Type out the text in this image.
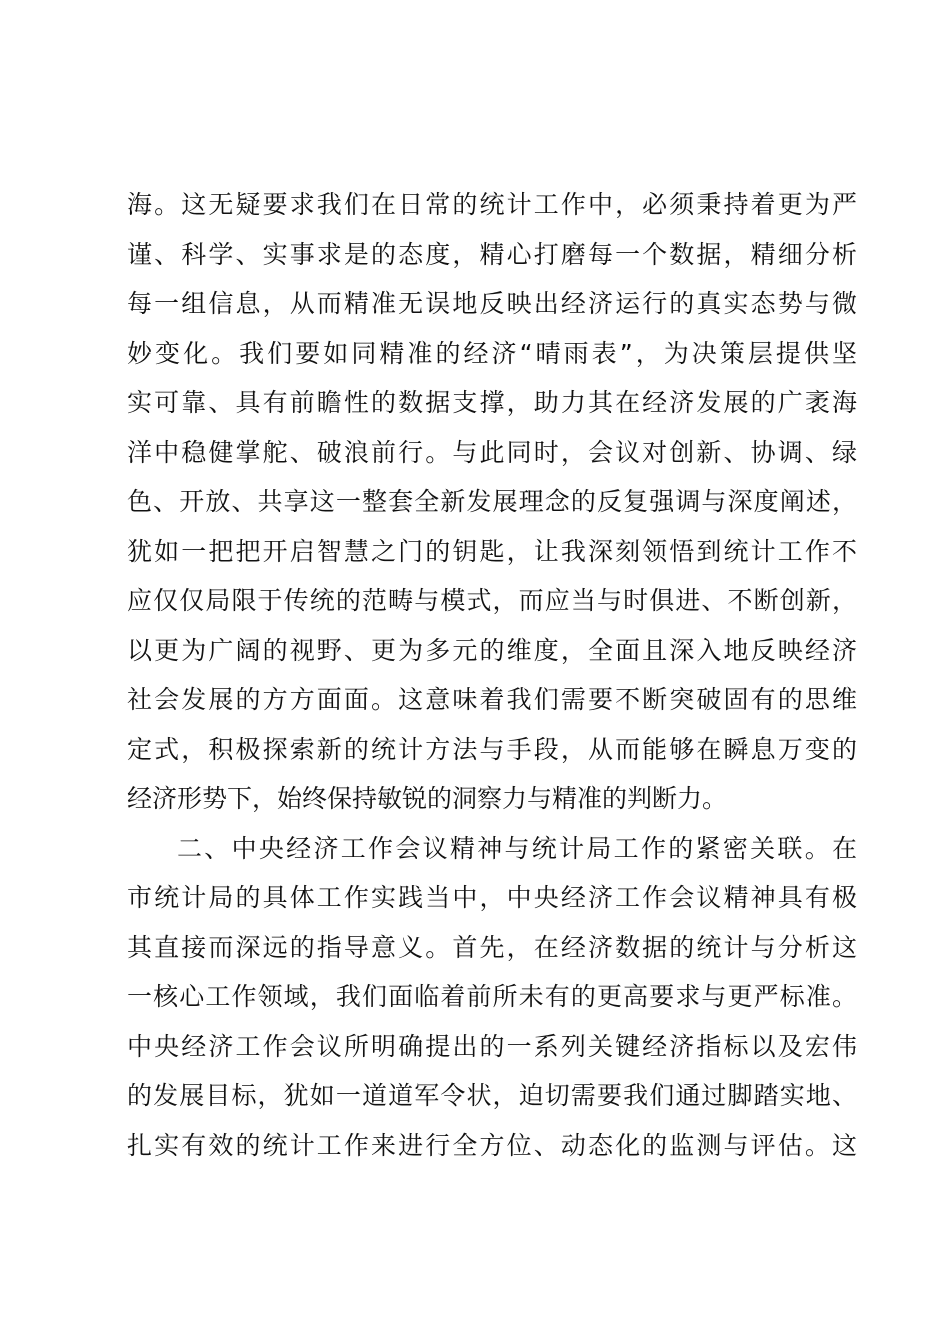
海。这无疑要求我们在日常的统计工作中，必须秉持着更为严
谨、科学、实事求是的态度，精心打磨每一个数据，精细分析
每一组信息，从而精准无误地反映出经济运行的真实态势与微
妙变化。我们要如同精准的经济“晴雨表”，为决策层提供坚
实可靠、具有前瞻性的数据支撑，助力其在经济发展的广袤海
洋中稳健掌舵、破浪前行。与此同时，会议对创新、协调、绿
色、开放、共享这一整套全新发展理念的反复强调与深度阐述，
犹如一把把开启智慧之门的钥匙，让我深刻领悟到统计工作不
应仅仅局限于传统的范畴与模式，而应当与时俱进、不断创新，
以更为广阔的视野、更为多元的维度，全面且深入地反映经济
社会发展的方方面面。这意味着我们需要不断突破固有的思维
定式，积极探索新的统计方法与手段，从而能够在瞬息万变的
经济形势下，始终保持敏锐的洞察力与精准的判断力。
二、中央经济工作会议精神与统计局工作的紧密关联。在
市统计局的具体工作实践当中，中央经济工作会议精神具有极
其直接而深远的指导意义。首先，在经济数据的统计与分析这
一核心工作领域，我们面临着前所未有的更高要求与更严标准。
中央经济工作会议所明确提出的一系列关键经济指标以及宏伟
的发展目标，犹如一道道军令状，迫切需要我们通过脚踏实地、
扎实有效的统计工作来进行全方位、动态化的监测与评估。这
